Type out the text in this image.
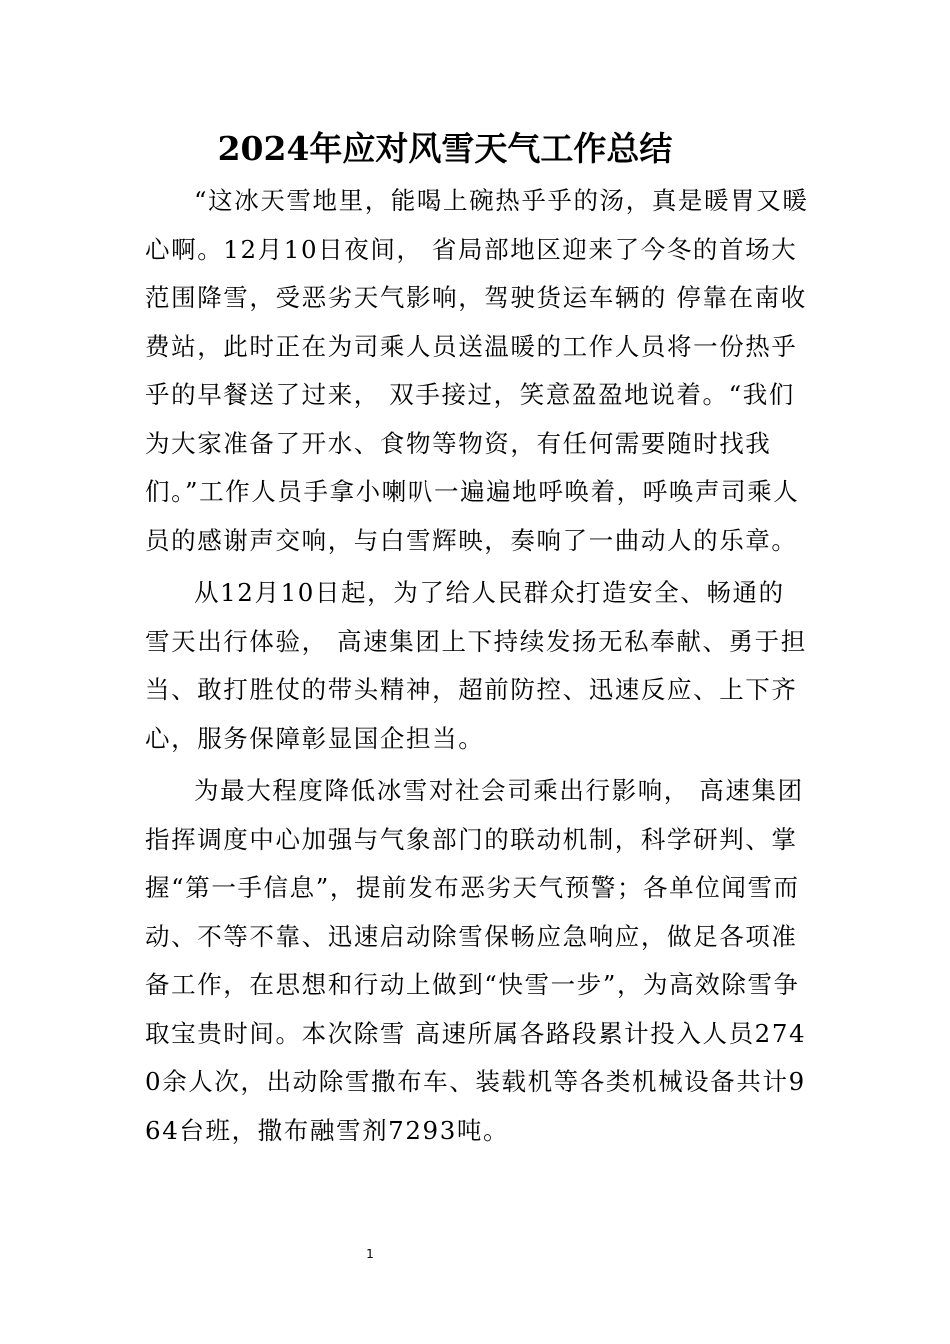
2024年应对风雪天气工作总结

“这冰天雪地里，能喝上碗热乎乎的汤，真是暖胃又暖心啊。12月10日夜间， 省局部地区迎来了今冬的首场大范围降雪，受恶劣天气影响，驾驶货运车辆的 停靠在南收费站，此时正在为司乘人员送温暖的工作人员将一份热乎乎的早餐送了过来， 双手接过，笑意盈盈地说着。“我们为大家准备了开水、食物等物资，有任何需要随时找我们。”工作人员手拿小喇叭一遍遍地呼唤着，呼唤声司乘人员的感谢声交响，与白雪辉映，奏响了一曲动人的乐章。

从12月10日起，为了给人民群众打造安全、畅通的雪天出行体验， 高速集团上下持续发扬无私奉献、勇于担当、敢打胜仗的带头精神，超前防控、迅速反应、上下齐心，服务保障彰显国企担当。

为最大程度降低冰雪对社会司乘出行影响， 高速集团指挥调度中心加强与气象部门的联动机制，科学研判、掌握“第一手信息”，提前发布恶劣天气预警；各单位闻雪而动、不等不靠、迅速启动除雪保畅应急响应，做足各项准备工作，在思想和行动上做到“快雪一步”，为高效除雪争取宝贵时间。本次除雪 高速所属各路段累计投入人员2740余人次，出动除雪撒布车、装载机等各类机械设备共计964台班，撒布融雪剂7293吨。

1
